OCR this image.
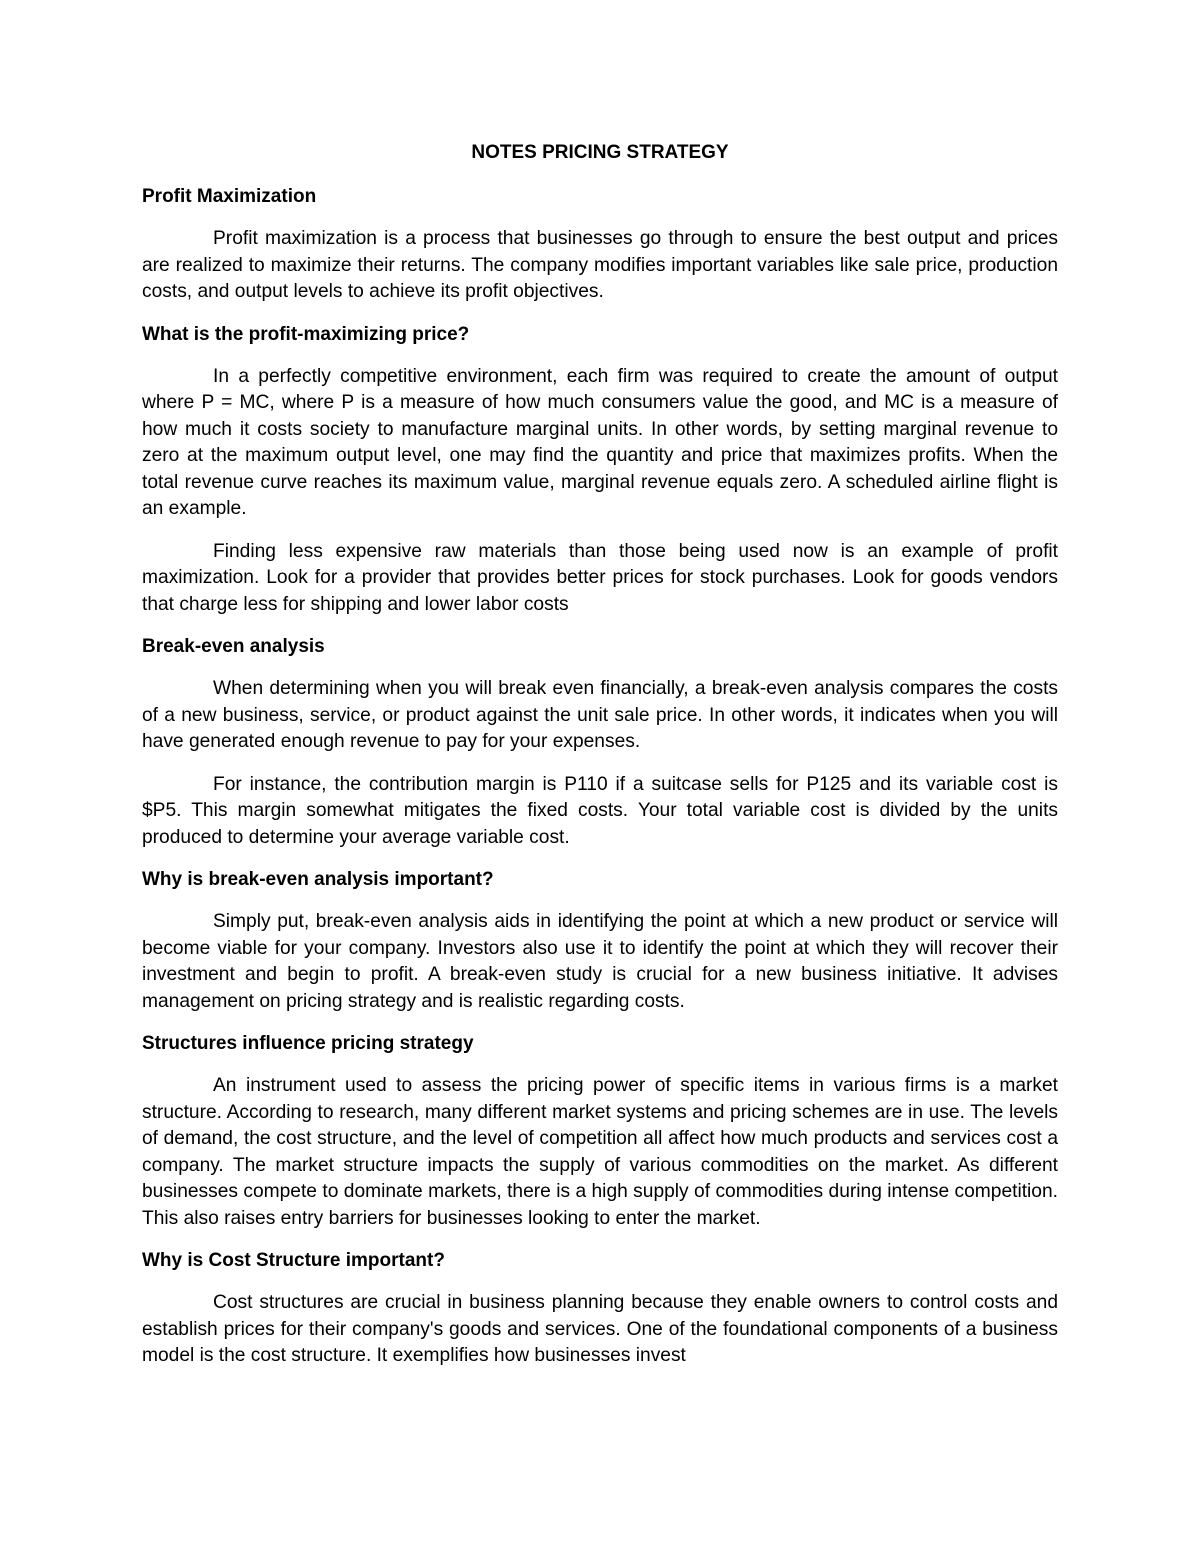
NOTES PRICING STRATEGY
Profit Maximization

Profit maximization is a process that businesses go through to ensure the best output and prices are realized to maximize their returns. The company modifies important variables like sale price, production costs, and output levels to achieve its profit objectives.

What is the profit-maximizing price?

In a perfectly competitive environment, each firm was required to create the amount of output where P = MC, where P is a measure of how much consumers value the good, and MC is a measure of how much it costs society to manufacture marginal units. In other words, by setting marginal revenue to zero at the maximum output level, one may find the quantity and price that maximizes profits. When the total revenue curve reaches its maximum value, marginal revenue equals zero. A scheduled airline flight is an example.

Finding less expensive raw materials than those being used now is an example of profit maximization. Look for a provider that provides better prices for stock purchases. Look for goods vendors that charge less for shipping and lower labor costs

Break-even analysis

When determining when you will break even financially, a break-even analysis compares the costs of a new business, service, or product against the unit sale price. In other words, it indicates when you will have generated enough revenue to pay for your expenses.

For instance, the contribution margin is P110 if a suitcase sells for P125 and its variable cost is $P5. This margin somewhat mitigates the fixed costs. Your total variable cost is divided by the units produced to determine your average variable cost.

Why is break-even analysis important?

Simply put, break-even analysis aids in identifying the point at which a new product or service will become viable for your company. Investors also use it to identify the point at which they will recover their investment and begin to profit. A break-even study is crucial for a new business initiative. It advises management on pricing strategy and is realistic regarding costs.

Structures influence pricing strategy

An instrument used to assess the pricing power of specific items in various firms is a market structure. According to research, many different market systems and pricing schemes are in use. The levels of demand, the cost structure, and the level of competition all affect how much products and services cost a company. The market structure impacts the supply of various commodities on the market. As different businesses compete to dominate markets, there is a high supply of commodities during intense competition. This also raises entry barriers for businesses looking to enter the market.

Why is Cost Structure important?

Cost structures are crucial in business planning because they enable owners to control costs and establish prices for their company's goods and services. One of the foundational components of a business model is the cost structure. It exemplifies how businesses invest
